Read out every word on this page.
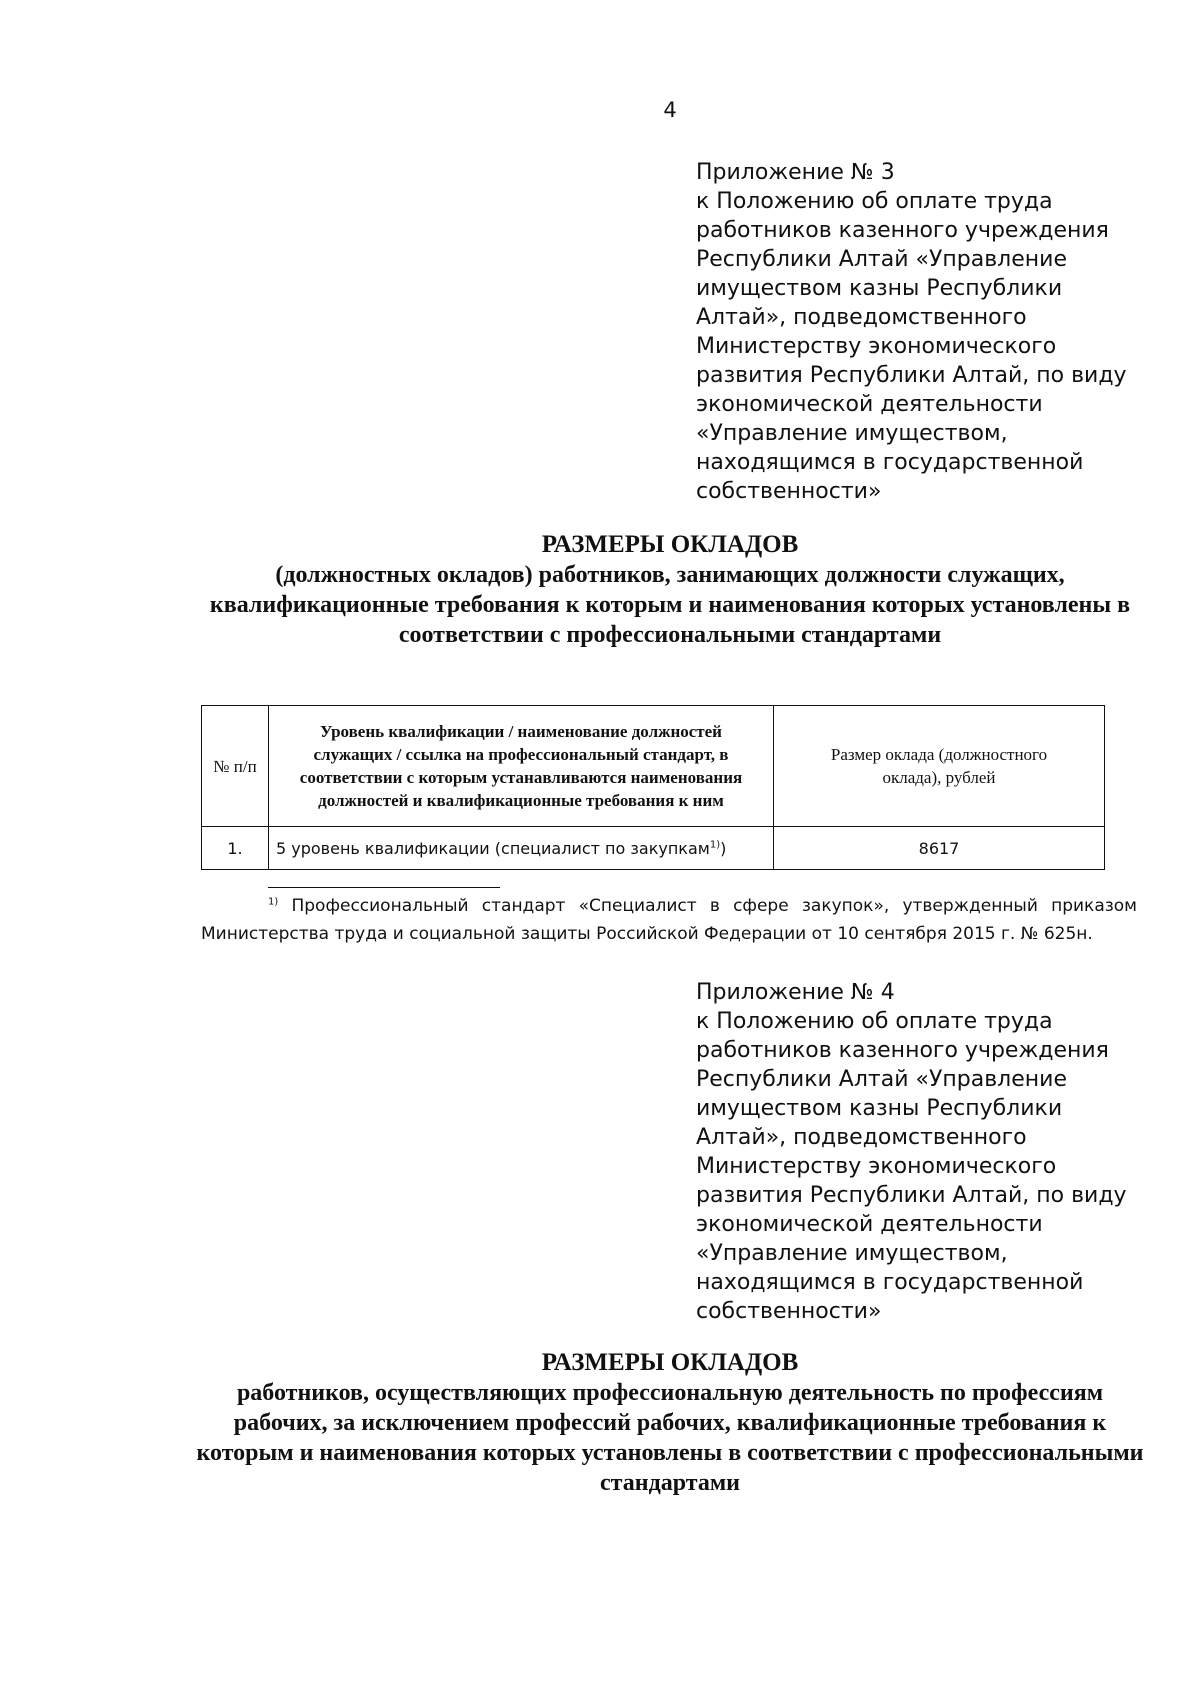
4
Приложение № 3
к Положению об оплате труда
работников казенного учреждения
Республики Алтай «Управление
имуществом казны Республики
Алтай», подведомственного
Министерству экономического
развития Республики Алтай, по виду
экономической деятельности
«Управление имуществом,
находящимся в государственной
собственности»
РАЗМЕРЫ ОКЛАДОВ
(должностных окладов) работников, занимающих должности служащих,
квалификационные требования к которым и наименования которых установлены в
соответствии с профессиональными стандартами
№ п/п	Уровень квалификации / наименование должностей служащих / ссылка на профессиональный стандарт, в соответствии с которым устанавливаются наименования должностей и квалификационные требования к ним	Размер оклада (должностного оклада), рублей
1.	5 уровень квалификации (специалист по закупкам$^{1)}$)	8617
$^{1)}$ Профессиональный стандарт «Специалист в сфере закупок», утвержденный приказом
Министерства труда и социальной защиты Российской Федерации от 10 сентября 2015 г. № 625н.
Приложение № 4
к Положению об оплате труда
работников казенного учреждения
Республики Алтай «Управление
имуществом казны Республики
Алтай», подведомственного
Министерству экономического
развития Республики Алтай, по виду
экономической деятельности
«Управление имуществом,
находящимся в государственной
собственности»
РАЗМЕРЫ ОКЛАДОВ
работников, осуществляющих профессиональную деятельность по профессиям
рабочих, за исключением профессий рабочих, квалификационные требования к
которым и наименования которых установлены в соответствии с профессиональными
стандартами
